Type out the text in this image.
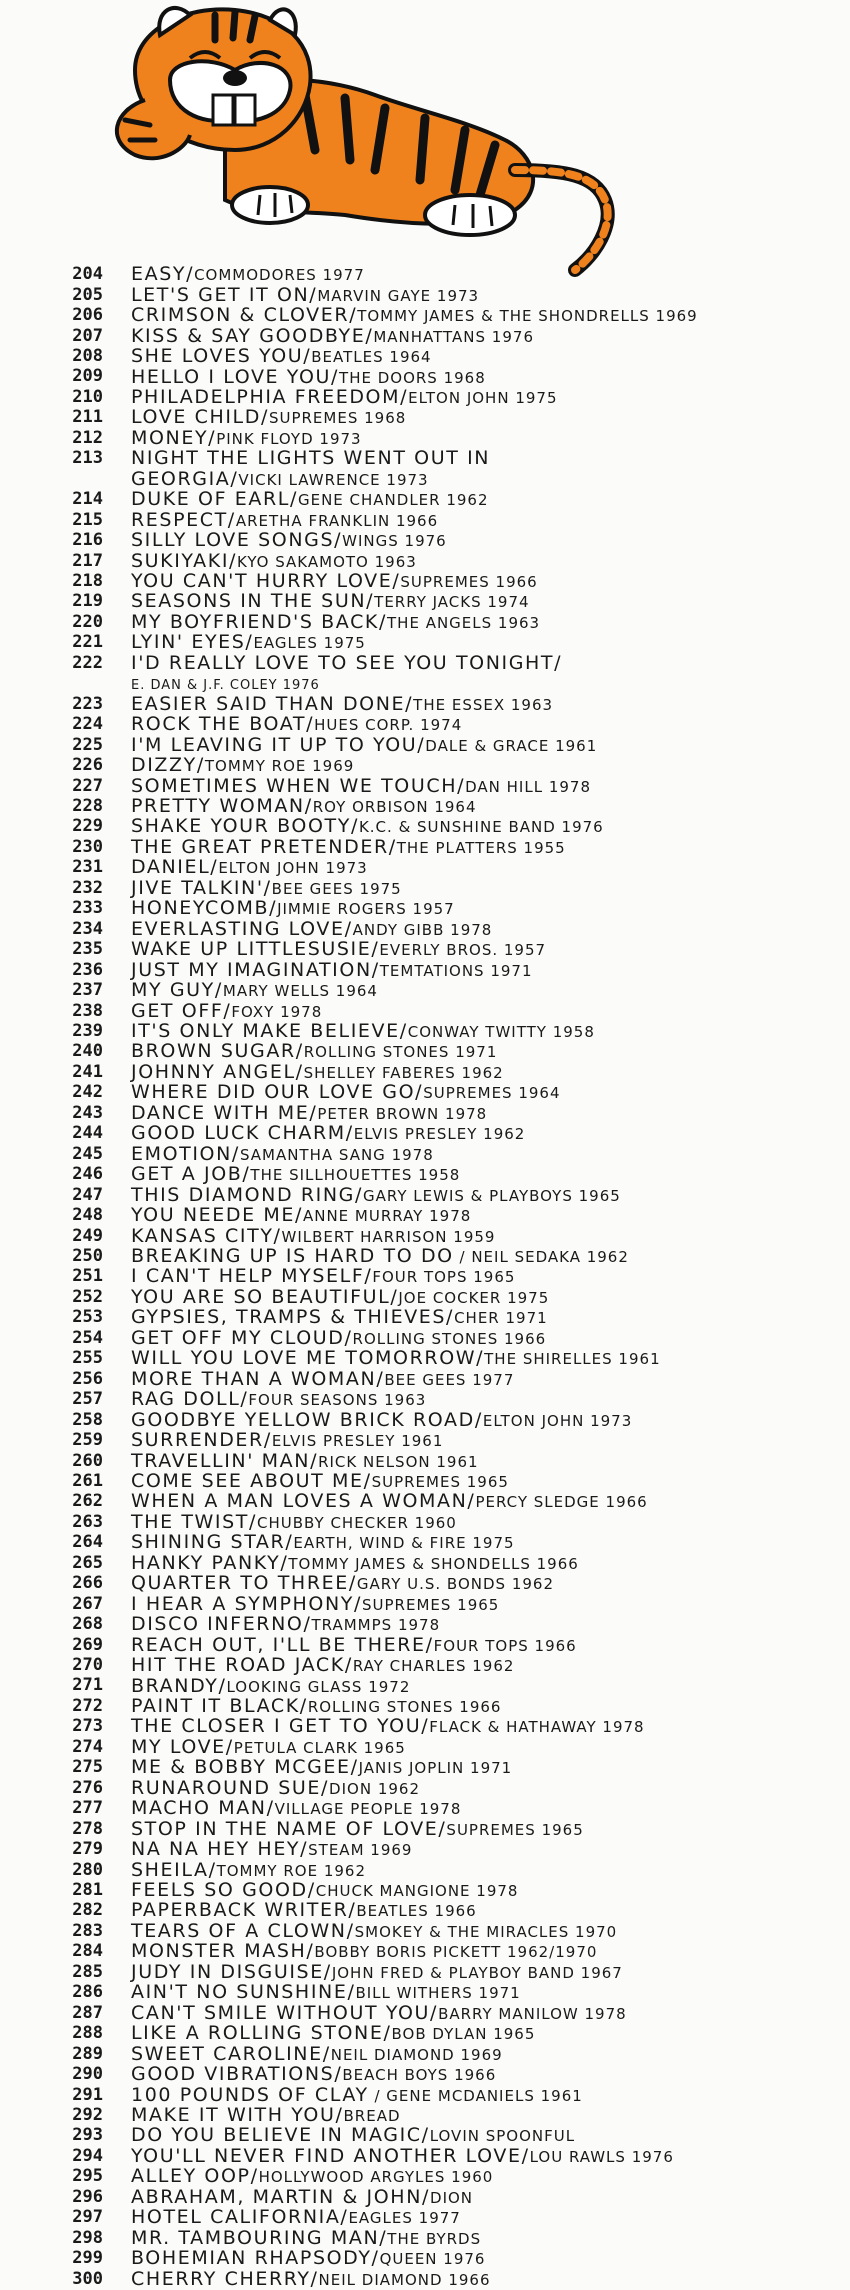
204 EASY/COMMODORES 1977
205 LET'S GET IT ON/MARVIN GAYE 1973
206 CRIMSON & CLOVER/TOMMY JAMES & THE SHONDRELLS 1969
207 KISS & SAY GOODBYE/MANHATTANS 1976
208 SHE LOVES YOU/BEATLES 1964
209 HELLO I LOVE YOU/THE DOORS 1968
210 PHILADELPHIA FREEDOM/ELTON JOHN 1975
211 LOVE CHILD/SUPREMES 1968
212 MONEY/PINK FLOYD 1973
213 NIGHT THE LIGHTS WENT OUT IN
GEORGIA/VICKI LAWRENCE 1973
214 DUKE OF EARL/GENE CHANDLER 1962
215 RESPECT/ARETHA FRANKLIN 1966
216 SILLY LOVE SONGS/WINGS 1976
217 SUKIYAKI/KYO SAKAMOTO 1963
218 YOU CAN'T HURRY LOVE/SUPREMES 1966
219 SEASONS IN THE SUN/TERRY JACKS 1974
220 MY BOYFRIEND'S BACK/THE ANGELS 1963
221 LYIN' EYES/EAGLES 1975
222 I'D REALLY LOVE TO SEE YOU TONIGHT/
E. DAN & J.F. COLEY 1976
223 EASIER SAID THAN DONE/THE ESSEX 1963
224 ROCK THE BOAT/HUES CORP. 1974
225 I'M LEAVING IT UP TO YOU/DALE & GRACE 1961
226 DIZZY/TOMMY ROE 1969
227 SOMETIMES WHEN WE TOUCH/DAN HILL 1978
228 PRETTY WOMAN/ROY ORBISON 1964
229 SHAKE YOUR BOOTY/K.C. & SUNSHINE BAND 1976
230 THE GREAT PRETENDER/THE PLATTERS 1955
231 DANIEL/ELTON JOHN 1973
232 JIVE TALKIN'/BEE GEES 1975
233 HONEYCOMB/JIMMIE ROGERS 1957
234 EVERLASTING LOVE/ANDY GIBB 1978
235 WAKE UP LITTLESUSIE/EVERLY BROS. 1957
236 JUST MY IMAGINATION/TEMTATIONS 1971
237 MY GUY/MARY WELLS 1964
238 GET OFF/FOXY 1978
239 IT'S ONLY MAKE BELIEVE/CONWAY TWITTY 1958
240 BROWN SUGAR/ROLLING STONES 1971
241 JOHNNY ANGEL/SHELLEY FABERES 1962
242 WHERE DID OUR LOVE GO/SUPREMES 1964
243 DANCE WITH ME/PETER BROWN 1978
244 GOOD LUCK CHARM/ELVIS PRESLEY 1962
245 EMOTION/SAMANTHA SANG 1978
246 GET A JOB/THE SILLHOUETTES 1958
247 THIS DIAMOND RING/GARY LEWIS & PLAYBOYS 1965
248 YOU NEEDE ME/ANNE MURRAY 1978
249 KANSAS CITY/WILBERT HARRISON 1959
250 BREAKING UP IS HARD TO DO / NEIL SEDAKA 1962
251 I CAN'T HELP MYSELF/FOUR TOPS 1965
252 YOU ARE SO BEAUTIFUL/JOE COCKER 1975
253 GYPSIES, TRAMPS & THIEVES/CHER 1971
254 GET OFF MY CLOUD/ROLLING STONES 1966
255 WILL YOU LOVE ME TOMORROW/THE SHIRELLES 1961
256 MORE THAN A WOMAN/BEE GEES 1977
257 RAG DOLL/FOUR SEASONS 1963
258 GOODBYE YELLOW BRICK ROAD/ELTON JOHN 1973
259 SURRENDER/ELVIS PRESLEY 1961
260 TRAVELLIN' MAN/RICK NELSON 1961
261 COME SEE ABOUT ME/SUPREMES 1965
262 WHEN A MAN LOVES A WOMAN/PERCY SLEDGE 1966
263 THE TWIST/CHUBBY CHECKER 1960
264 SHINING STAR/EARTH, WIND & FIRE 1975
265 HANKY PANKY/TOMMY JAMES & SHONDELLS 1966
266 QUARTER TO THREE/GARY U.S. BONDS 1962
267 I HEAR A SYMPHONY/SUPREMES 1965
268 DISCO INFERNO/TRAMMPS 1978
269 REACH OUT, I'LL BE THERE/FOUR TOPS 1966
270 HIT THE ROAD JACK/RAY CHARLES 1962
271 BRANDY/LOOKING GLASS 1972
272 PAINT IT BLACK/ROLLING STONES 1966
273 THE CLOSER I GET TO YOU/FLACK & HATHAWAY 1978
274 MY LOVE/PETULA CLARK 1965
275 ME & BOBBY MCGEE/JANIS JOPLIN 1971
276 RUNAROUND SUE/DION 1962
277 MACHO MAN/VILLAGE PEOPLE 1978
278 STOP IN THE NAME OF LOVE/SUPREMES 1965
279 NA NA HEY HEY/STEAM 1969
280 SHEILA/TOMMY ROE 1962
281 FEELS SO GOOD/CHUCK MANGIONE 1978
282 PAPERBACK WRITER/BEATLES 1966
283 TEARS OF A CLOWN/SMOKEY & THE MIRACLES 1970
284 MONSTER MASH/BOBBY BORIS PICKETT 1962/1970
285 JUDY IN DISGUISE/JOHN FRED & PLAYBOY BAND 1967
286 AIN'T NO SUNSHINE/BILL WITHERS 1971
287 CAN'T SMILE WITHOUT YOU/BARRY MANILOW 1978
288 LIKE A ROLLING STONE/BOB DYLAN 1965
289 SWEET CAROLINE/NEIL DIAMOND 1969
290 GOOD VIBRATIONS/BEACH BOYS 1966
291 100 POUNDS OF CLAY / GENE MCDANIELS 1961
292 MAKE IT WITH YOU/BREAD
293 DO YOU BELIEVE IN MAGIC/LOVIN SPOONFUL
294 YOU'LL NEVER FIND ANOTHER LOVE/LOU RAWLS 1976
295 ALLEY OOP/HOLLYWOOD ARGYLES 1960
296 ABRAHAM, MARTIN & JOHN/DION
297 HOTEL CALIFORNIA/EAGLES 1977
298 MR. TAMBOURING MAN/THE BYRDS
299 BOHEMIAN RHAPSODY/QUEEN 1976
300 CHERRY CHERRY/NEIL DIAMOND 1966
